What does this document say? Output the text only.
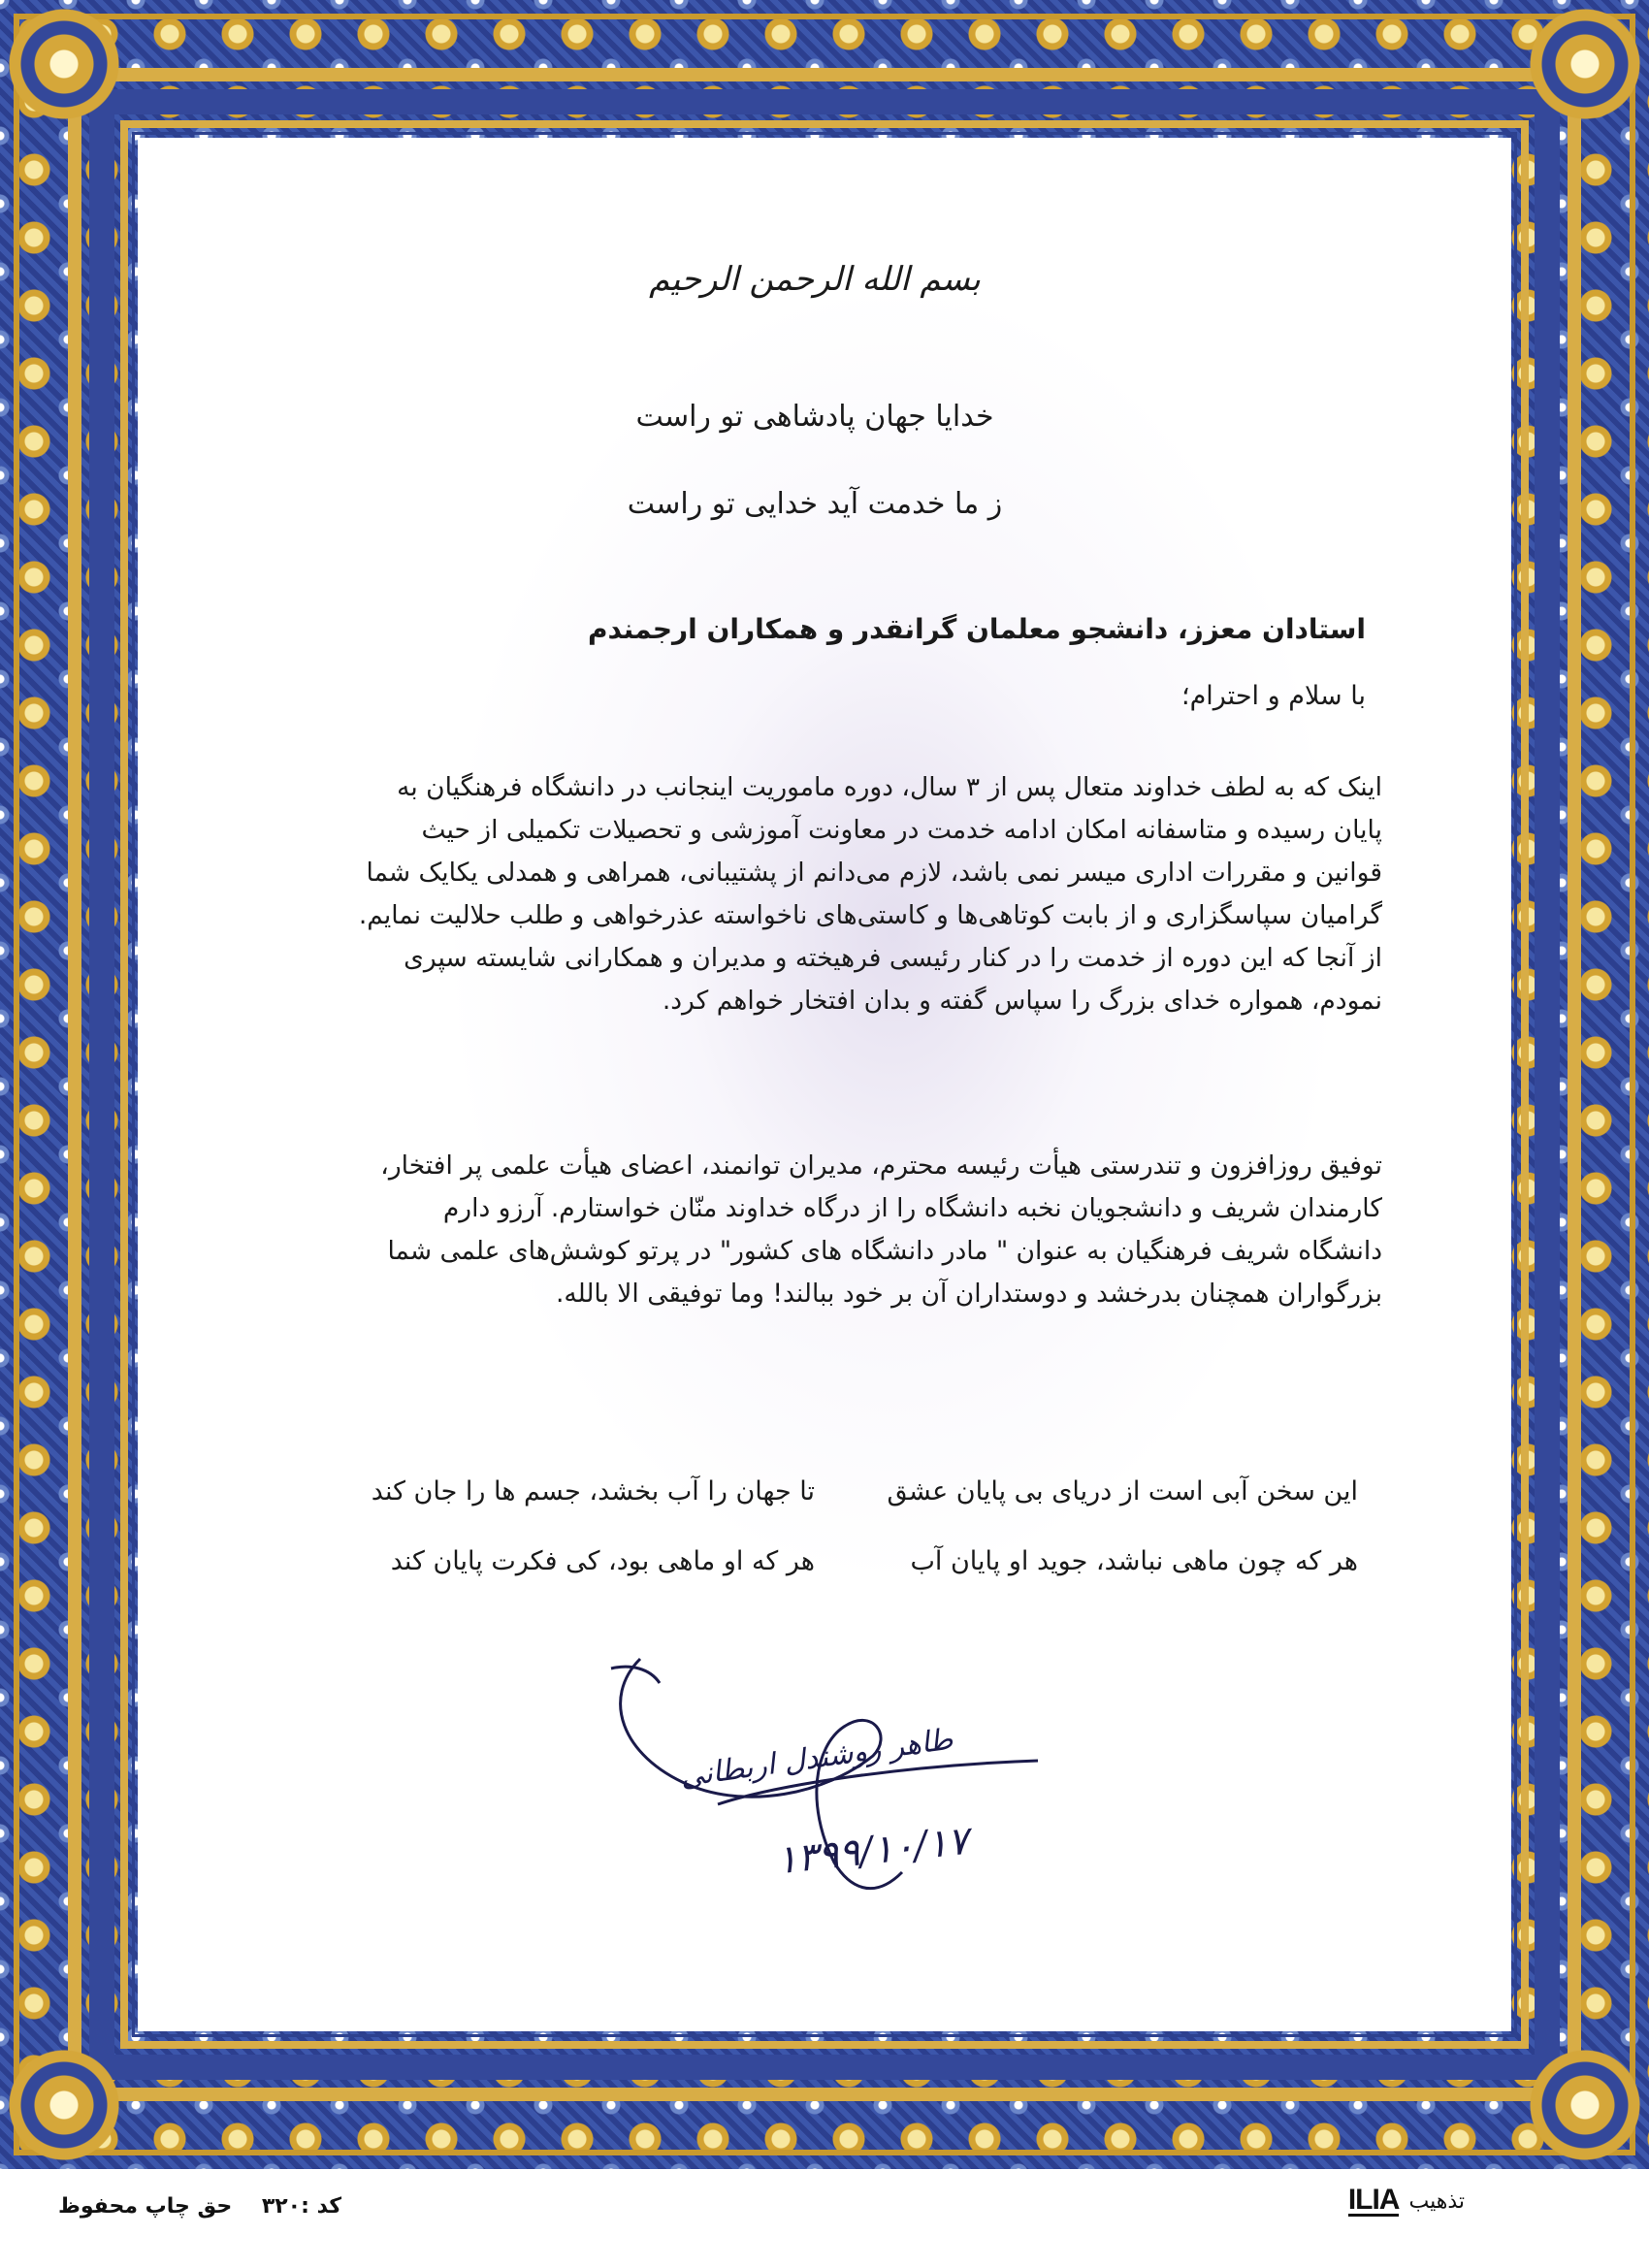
بسم الله الرحمن الرحیم
خدایا جهان پادشاهی تو راست
ز ما خدمت آید خدایی تو راست
استادان معزز، دانشجو معلمان گرانقدر و همکاران ارجمندم
با سلام و احترام؛
اینک که به لطف خداوند متعال پس از ۳ سال، دوره ماموریت اینجانب در دانشگاه فرهنگیان به
پایان رسیده و متاسفانه امکان ادامه خدمت در معاونت آموزشی و تحصیلات تکمیلی از حیث
قوانین و مقررات اداری میسر نمی باشد، لازم می‌دانم از پشتیبانی، همراهی و همدلی یکایک شما
گرامیان سپاسگزاری و از بابت کوتاهی‌ها و کاستی‌های ناخواسته عذرخواهی و طلب حلالیت نمایم.
از آنجا که این دوره از خدمت را در کنار رئیسی فرهیخته و مدیران و همکارانی شایسته سپری
نمودم، همواره خدای بزرگ را سپاس گفته و بدان افتخار خواهم کرد.
توفیق روزافزون و تندرستی هیأت رئیسه محترم، مدیران توانمند، اعضای هیأت علمی پر افتخار،
کارمندان شریف و دانشجویان نخبه دانشگاه را از درگاه خداوند منّان خواستارم. آرزو دارم
دانشگاه شریف فرهنگیان به عنوان " مادر دانشگاه های کشور" در پرتو کوشش‌های علمی شما
بزرگواران همچنان بدرخشد و دوستداران آن بر خود ببالند! وما توفیقی الا بالله.
این سخن آبی است از دریای بی پایان عشق
تا جهان را آب بخشد، جسم ها را جان کند
هر که چون ماهی نباشد، جوید او پایان آب
هر که او ماهی بود، کی فکرت پایان کند
طاهر روشندل اربطانی
۱۳۹۹/۱۰/۱۷
کد :۳۲۰    حق چاپ محفوظ	ILIA تذهیب
